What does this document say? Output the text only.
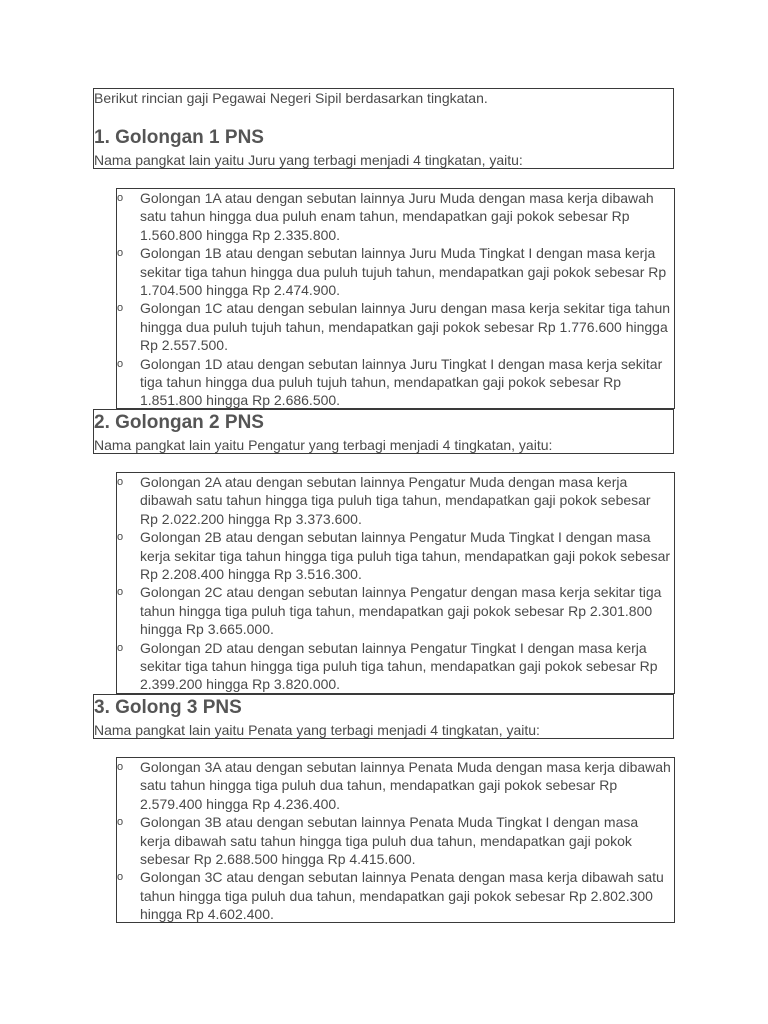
Berikut rincian gaji Pegawai Negeri Sipil berdasarkan tingkatan.
1. Golongan 1 PNS
Nama pangkat lain yaitu Juru yang terbagi menjadi 4 tingkatan, yaitu:
o Golongan 1A atau dengan sebutan lainnya Juru Muda dengan masa kerja dibawah satu tahun hingga dua puluh enam tahun, mendapatkan gaji pokok sebesar Rp 1.560.800 hingga Rp 2.335.800.
o Golongan 1B atau dengan sebutan lainnya Juru Muda Tingkat I dengan masa kerja sekitar tiga tahun hingga dua puluh tujuh tahun, mendapatkan gaji pokok sebesar Rp 1.704.500 hingga Rp 2.474.900.
o Golongan 1C atau dengan sebulan lainnya Juru dengan masa kerja sekitar tiga tahun hingga dua puluh tujuh tahun, mendapatkan gaji pokok sebesar Rp 1.776.600 hingga Rp 2.557.500.
o Golongan 1D atau dengan sebutan lainnya Juru Tingkat I dengan masa kerja sekitar tiga tahun hingga dua puluh tujuh tahun, mendapatkan gaji pokok sebesar Rp 1.851.800 hingga Rp 2.686.500.
2. Golongan 2 PNS
Nama pangkat lain yaitu Pengatur yang terbagi menjadi 4 tingkatan, yaitu:
o Golongan 2A atau dengan sebutan lainnya Pengatur Muda dengan masa kerja dibawah satu tahun hingga tiga puluh tiga tahun, mendapatkan gaji pokok sebesar Rp 2.022.200 hingga Rp 3.373.600.
o Golongan 2B atau dengan sebutan lainnya Pengatur Muda Tingkat I dengan masa kerja sekitar tiga tahun hingga tiga puluh tiga tahun, mendapatkan gaji pokok sebesar Rp 2.208.400 hingga Rp 3.516.300.
o Golongan 2C atau dengan sebutan lainnya Pengatur dengan masa kerja sekitar tiga tahun hingga tiga puluh tiga tahun, mendapatkan gaji pokok sebesar Rp 2.301.800 hingga Rp 3.665.000.
o Golongan 2D atau dengan sebutan lainnya Pengatur Tingkat I dengan masa kerja sekitar tiga tahun hingga tiga puluh tiga tahun, mendapatkan gaji pokok sebesar Rp 2.399.200 hingga Rp 3.820.000.
3. Golong 3 PNS
Nama pangkat lain yaitu Penata yang terbagi menjadi 4 tingkatan, yaitu:
o Golongan 3A atau dengan sebutan lainnya Penata Muda dengan masa kerja dibawah satu tahun hingga tiga puluh dua tahun, mendapatkan gaji pokok sebesar Rp 2.579.400 hingga Rp 4.236.400.
o Golongan 3B atau dengan sebutan lainnya Penata Muda Tingkat I dengan masa kerja dibawah satu tahun hingga tiga puluh dua tahun, mendapatkan gaji pokok sebesar Rp 2.688.500 hingga Rp 4.415.600.
o Golongan 3C atau dengan sebutan lainnya Penata dengan masa kerja dibawah satu tahun hingga tiga puluh dua tahun, mendapatkan gaji pokok sebesar Rp 2.802.300 hingga Rp 4.602.400.
